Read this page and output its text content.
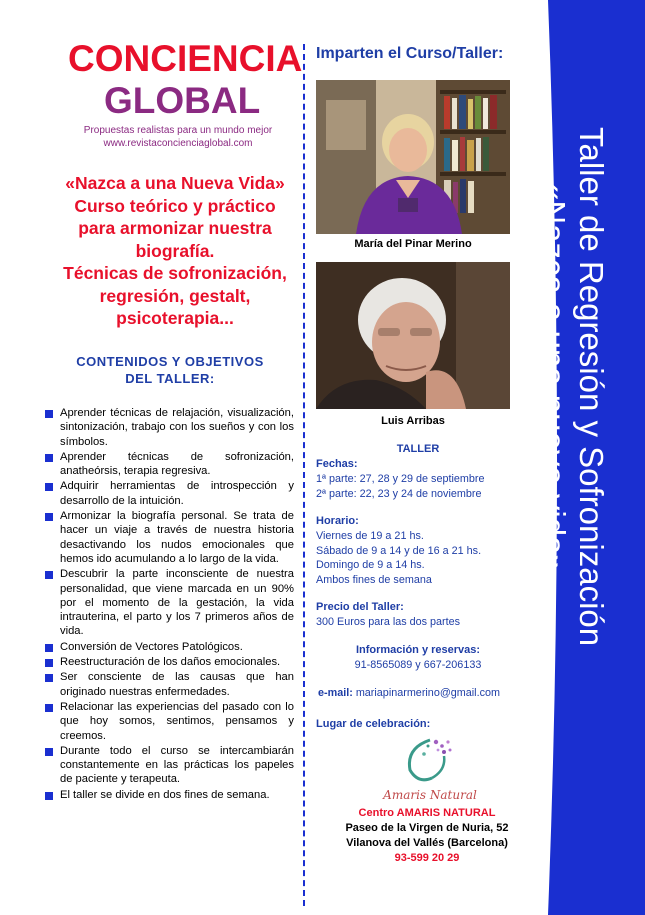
Taller de Regresión y Sofronización
«Nazca a una nueva vida»
CONCIENCIA
GLOBAL
Propuestas realistas para un mundo mejor
www.revistaconcienciaglobal.com
«Nazca a una Nueva Vida»
Curso teórico y práctico
para armonizar nuestra
biografía.
Técnicas de sofronización,
regresión, gestalt,
psicoterapia...
CONTENIDOS Y OBJETIVOS
DEL TALLER:
Aprender técnicas de relajación, visualización, sintonización, trabajo con los sueños y con los símbolos.
Aprender técnicas de sofronización, anatheórsis, terapia regresiva.
Adquirir herramientas de introspección y desarrollo de la intuición.
Armonizar la biografía personal. Se trata de hacer un viaje a través de nuestra historia desactivando los nudos emocionales que hemos ido acumulando a lo largo de la vida.
Descubrir la parte inconsciente de nuestra personalidad, que viene marcada en un 90% por el momento de la gestación, la vida intrauterina, el parto y los 7 primeros años de vida.
Conversión de Vectores Patológicos.
Reestructuración de los daños emocionales.
Ser consciente de las causas que han originado nuestras enfermedades.
Relacionar las experiencias del pasado con lo que hoy somos, sentimos, pensamos y creemos.
Durante todo el curso se intercambiarán constantemente en las prácticas los papeles de paciente y terapeuta.
El taller se divide en dos fines de semana.
Imparten el Curso/Taller:
María del Pinar Merino
Luis Arribas
TALLER
Fechas:
1ª parte: 27, 28 y 29 de septiembre
2ª parte: 22, 23 y 24 de noviembre
Horario:
Viernes de 19 a 21 hs.
Sábado de 9 a 14 y de 16 a 21 hs.
Domingo de 9 a 14 hs.
Ambos fines de semana
Precio del Taller:
300 Euros para las dos partes
Información y reservas:
91-8565089 y 667-206133
e-mail: mariapinarmerino@gmail.com
Lugar de celebración:
Amaris Natural
Centro AMARIS NATURAL
Paseo de la Virgen de Nuria, 52
Vilanova del Vallés (Barcelona)
93-599 20 29
